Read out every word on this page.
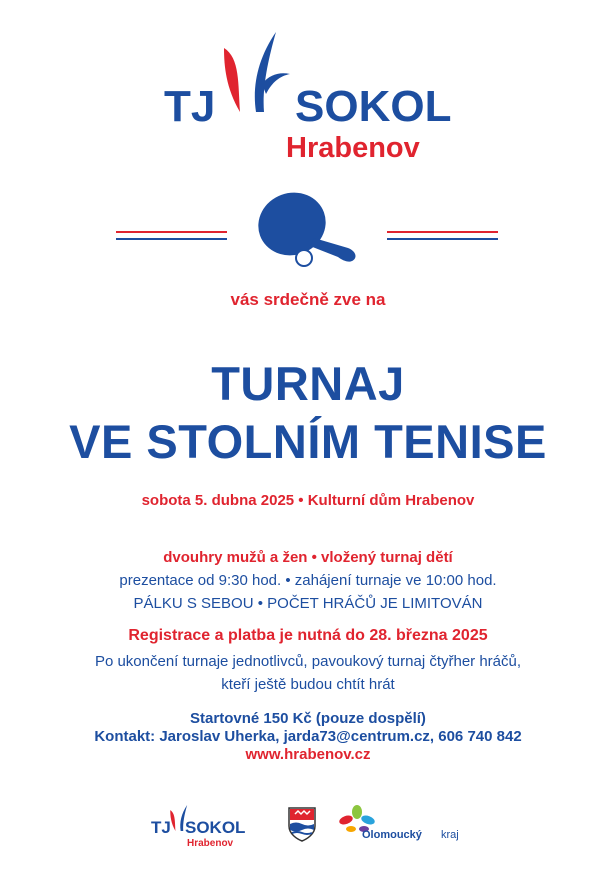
TJ SOKOL
Hrabenov
vás srdečně zve na
TURNAJ
VE STOLNÍM TENISE
sobota 5. dubna 2025 • Kulturní dům Hrabenov
dvouhry mužů a žen • vložený turnaj dětí
prezentace od 9:30 hod. • zahájení turnaje ve 10:00 hod.
PÁLKU S SEBOU • POČET HRÁČŮ JE LIMITOVÁN
Registrace a platba je nutná do 28. března 2025
Po ukončení turnaje jednotlivců, pavoukový turnaj čtyřher hráčů,
kteří ještě budou chtít hrát
Startovné 150 Kč (pouze dospělí)
Kontakt: Jaroslav Uherka, jarda73@centrum.cz, 606 740 842
www.hrabenov.cz
TJ SOKOL
Hrabenov
Olomoucký kraj
